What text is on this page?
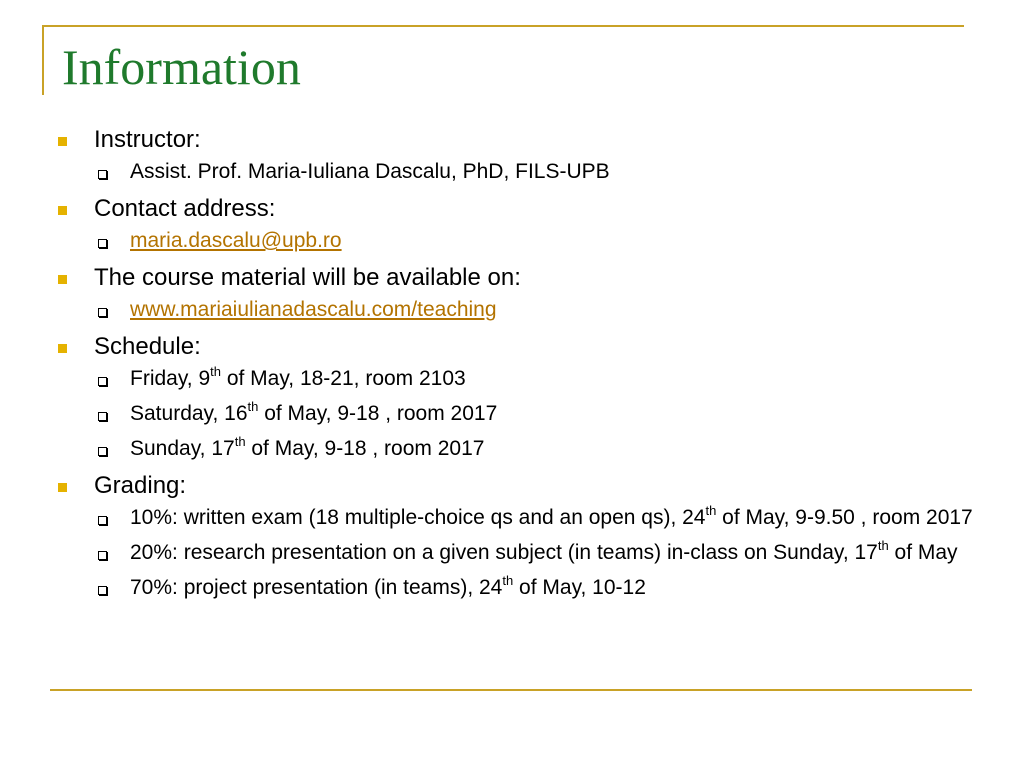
Information
Instructor:
Assist. Prof. Maria-Iuliana Dascalu, PhD, FILS-UPB
Contact address:
maria.dascalu@upb.ro
The course material will be available on:
www.mariaiulianadascalu.com/teaching
Schedule:
Friday, 9th of May, 18-21, room 2103
Saturday, 16th of May, 9-18 , room 2017
Sunday, 17th of May, 9-18 , room 2017
Grading:
10%: written exam (18 multiple-choice qs and an open qs), 24th of May, 9-9.50 , room 2017
20%: research presentation on a given subject (in teams) in-class on Sunday, 17th of May
70%: project presentation (in teams), 24th of May, 10-12
